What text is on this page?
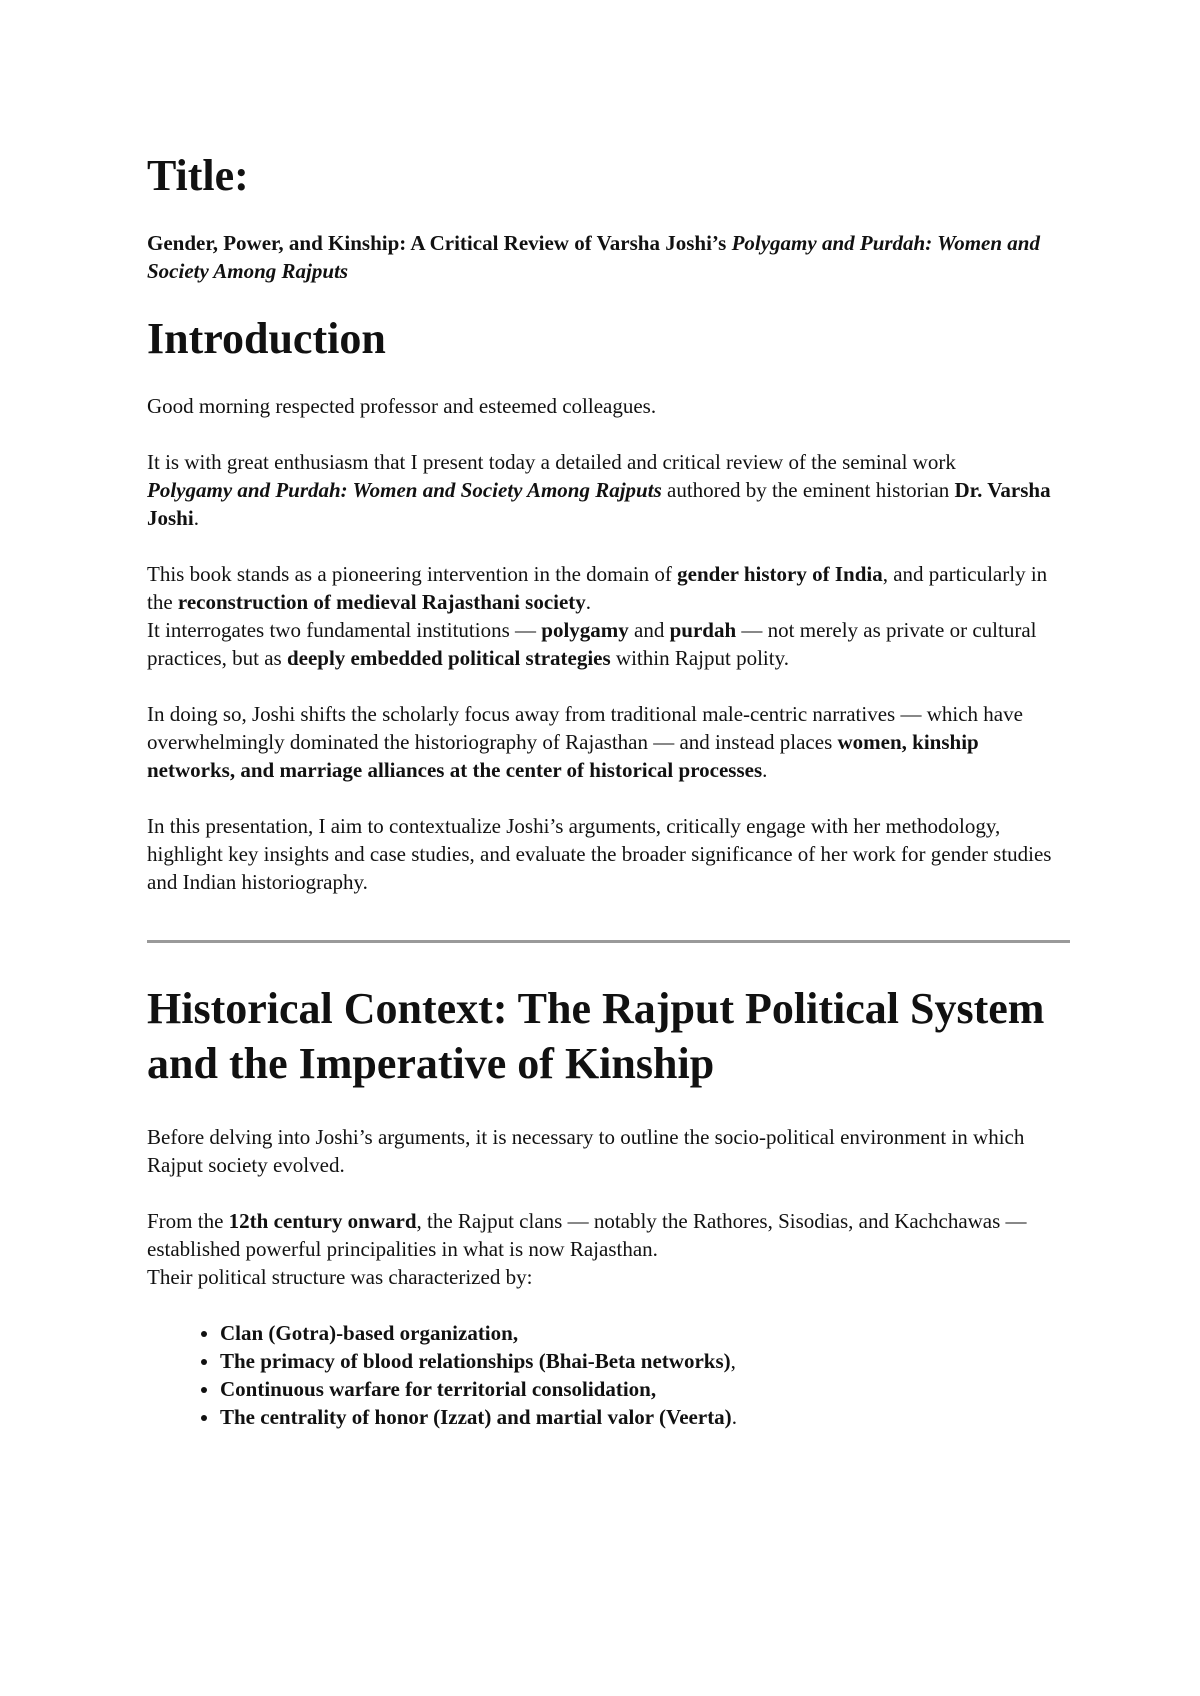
Title:
Gender, Power, and Kinship: A Critical Review of Varsha Joshi’s Polygamy and Purdah: Women and Society Among Rajputs
Introduction

Good morning respected professor and esteemed colleagues.

It is with great enthusiasm that I present today a detailed and critical review of the seminal work
Polygamy and Purdah: Women and Society Among Rajputs authored by the eminent historian Dr. Varsha Joshi.

This book stands as a pioneering intervention in the domain of gender history of India, and particularly in the reconstruction of medieval Rajasthani society.
It interrogates two fundamental institutions — polygamy and purdah — not merely as private or cultural practices, but as deeply embedded political strategies within Rajput polity.

In doing so, Joshi shifts the scholarly focus away from traditional male-centric narratives — which have overwhelmingly dominated the historiography of Rajasthan — and instead places women, kinship networks, and marriage alliances at the center of historical processes.

In this presentation, I aim to contextualize Joshi’s arguments, critically engage with her methodology, highlight key insights and case studies, and evaluate the broader significance of her work for gender studies and Indian historiography.

Historical Context: The Rajput Political System and the Imperative of Kinship

Before delving into Joshi’s arguments, it is necessary to outline the socio-political environment in which Rajput society evolved.

From the 12th century onward, the Rajput clans — notably the Rathores, Sisodias, and Kachchawas — established powerful principalities in what is now Rajasthan.
Their political structure was characterized by:

• Clan (Gotra)-based organization,
• The primacy of blood relationships (Bhai-Beta networks),
• Continuous warfare for territorial consolidation,
• The centrality of honor (Izzat) and martial valor (Veerta).
